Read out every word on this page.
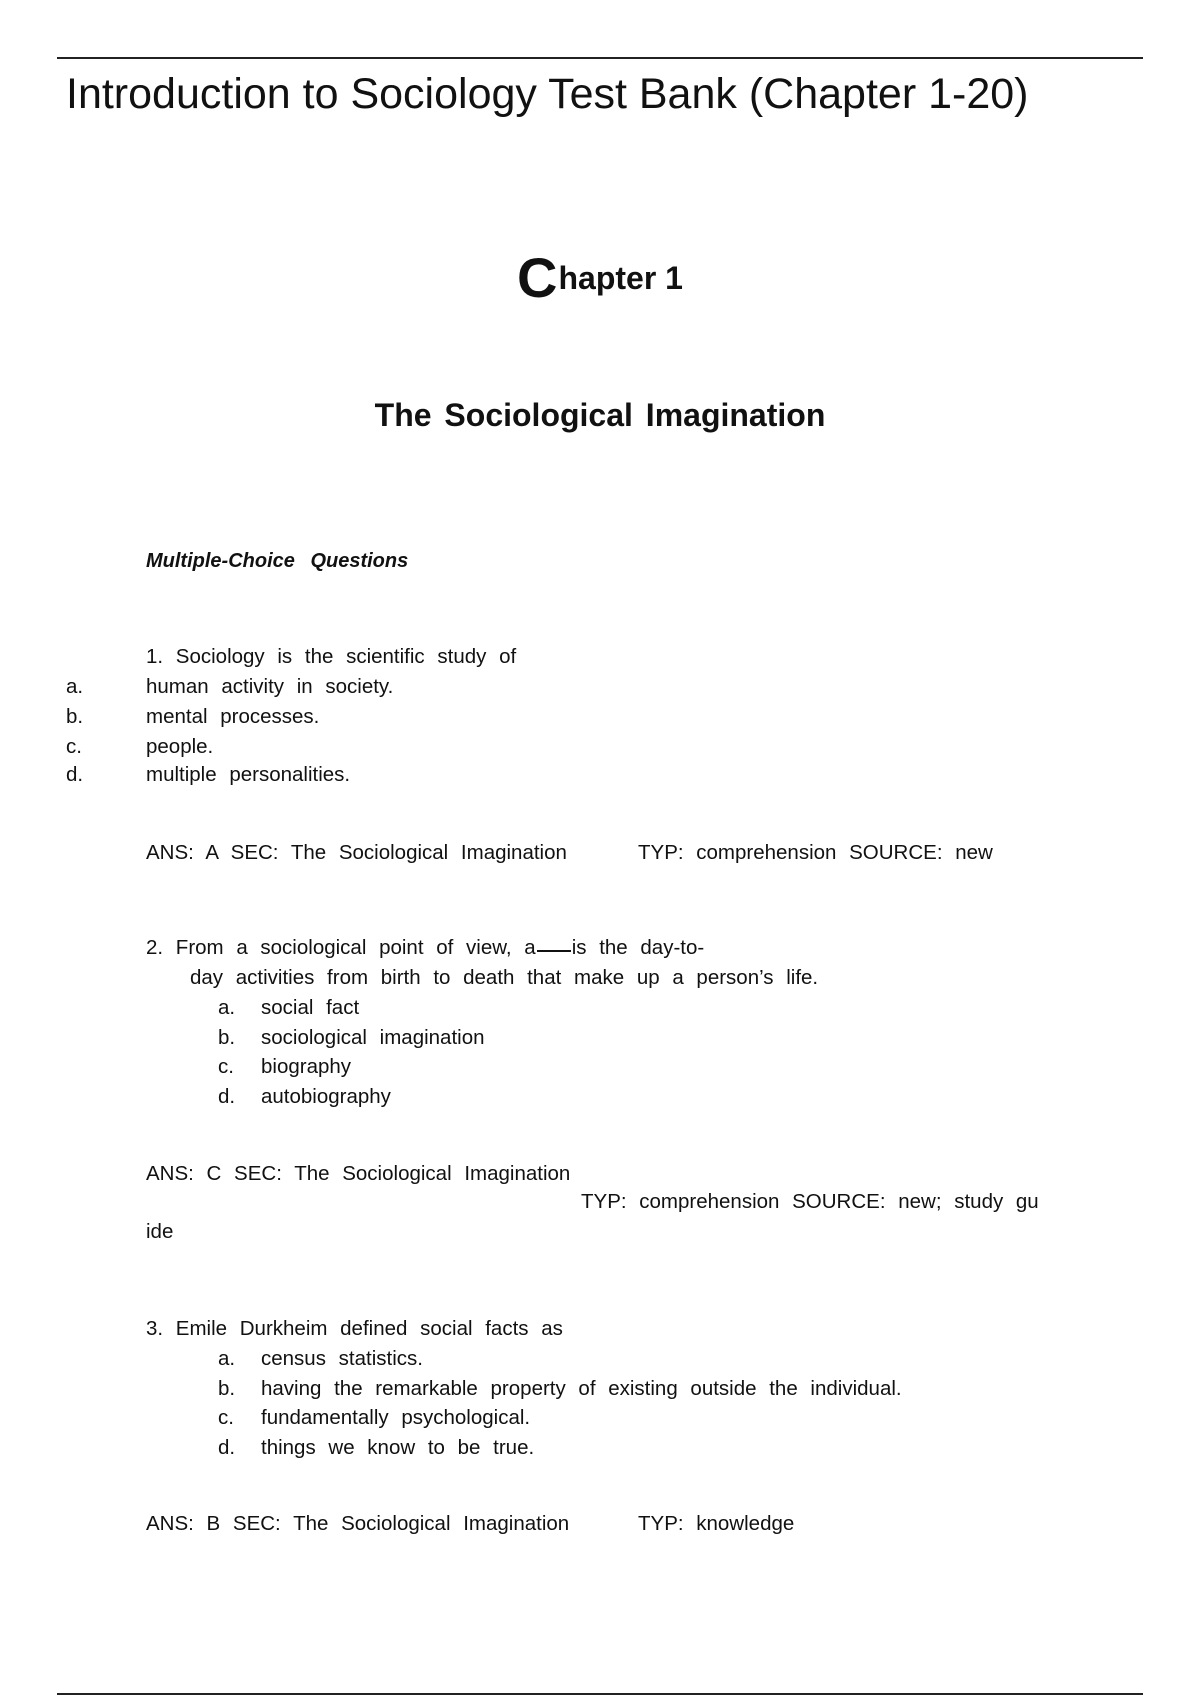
Introduction to Sociology Test Bank (Chapter 1-20)
Chapter 1
The Sociological Imagination
Multiple-Choice Questions
1. Sociology is the scientific study of
a.	human activity in society.
b.	mental processes.
c.	people.
d.	multiple personalities.
ANS: A SEC: The Sociological Imagination	TYP: comprehension SOURCE: new
2. From a sociological point of view, a is the day-to-
day activities from birth to death that make up a person’s life.
a. social fact
b. sociological imagination
c. biography
d. autobiography
ANS: C SEC: The Sociological Imagination
TYP: comprehension SOURCE: new; study gu
ide
3. Emile Durkheim defined social facts as
a. census statistics.
b. having the remarkable property of existing outside the individual.
c. fundamentally psychological.
d. things we know to be true.
ANS: B SEC: The Sociological Imagination	TYP: knowledge
